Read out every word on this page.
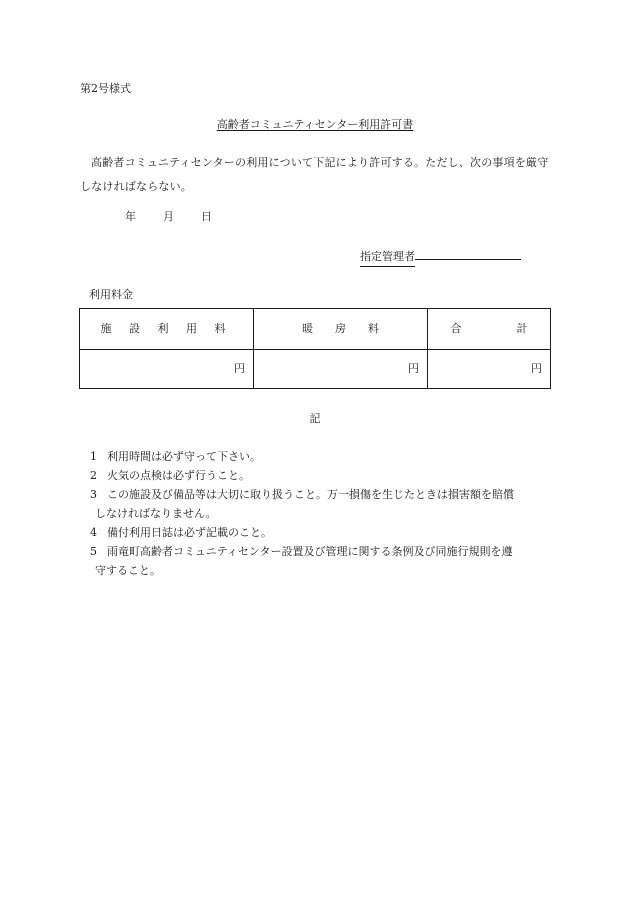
第2号様式
高齢者コミュニティセンター利用許可書
高齢者コミュニティセンターの利用について下記により許可する。ただし、次の事項を厳守しなければならない。
年 月 日
指定管理者
利用料金
施 設 利 用 料	暖　　房　　料	合　　　　　計
円	円	円
記
1 利用時間は必ず守って下さい。
2 火気の点検は必ず行うこと。
3 この施設及び備品等は大切に取り扱うこと。万一損傷を生じたときは損害額を賠償
しなければなりません。
4 備付利用日誌は必ず記載のこと。
5 雨竜町高齢者コミュニティセンター設置及び管理に関する条例及び同施行規則を遵
守すること。
